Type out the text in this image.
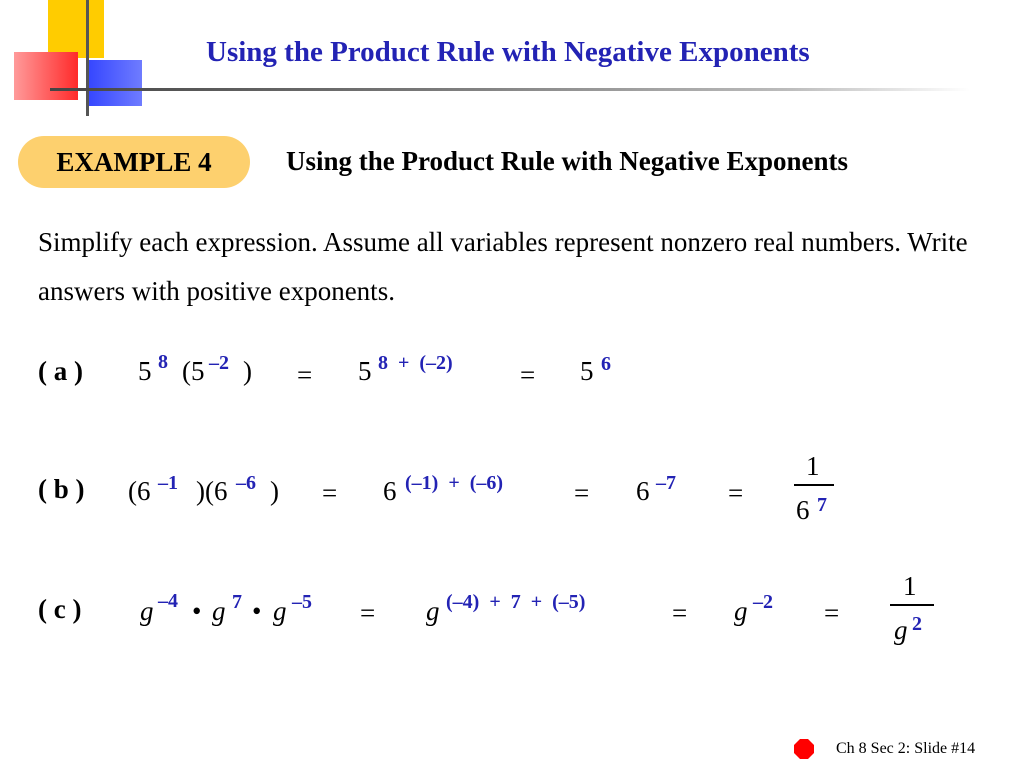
Using the Product Rule with Negative Exponents
EXAMPLE 4	Using the Product Rule with Negative Exponents
Simplify each expression. Assume all variables represent nonzero real numbers. Write answers with positive exponents.
( a ) 5 8 (5 –2 ) = 5 8  +  (–2) = 5 6
( b ) (6 –1 )(6 –6 ) = 6 (–1)  +  (–6)	= 6 –7 =
1
6 7
( c ) g –4 • g 7 • g –5 = g (–4)  +  7  +  (–5)	= g –2 =
1
g 2
Ch 8 Sec 2: Slide #14
